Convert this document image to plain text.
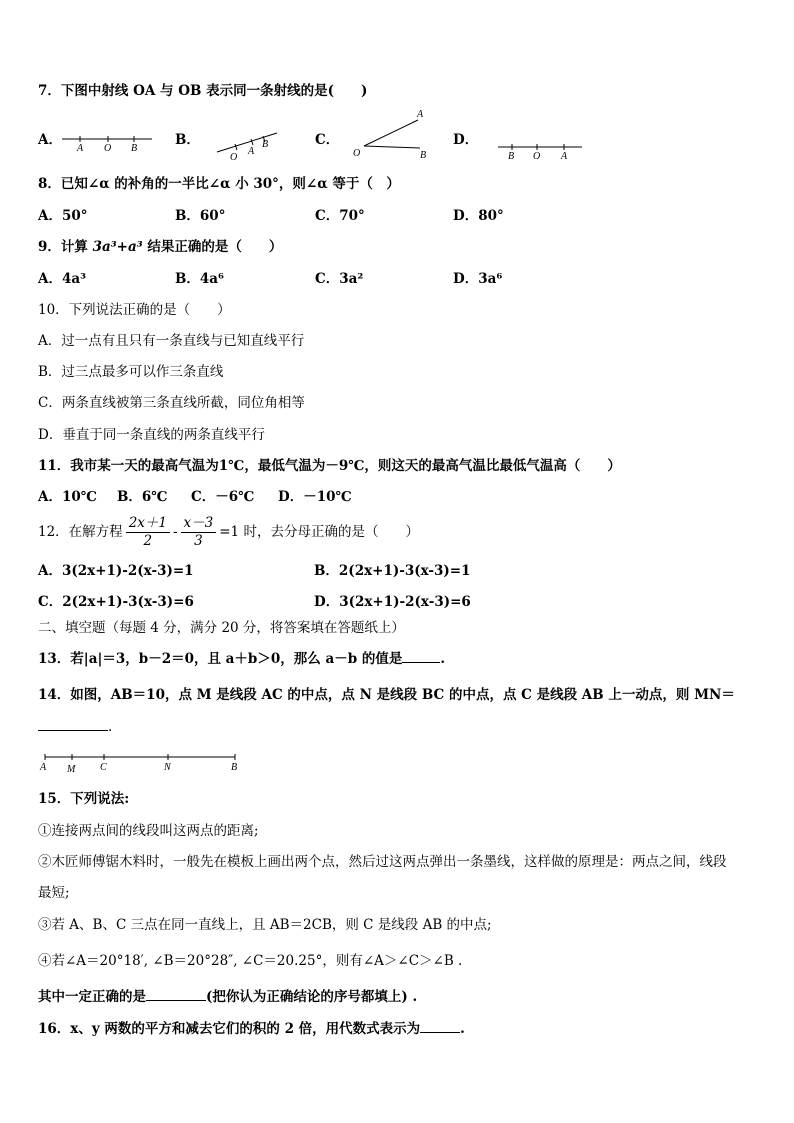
7．下图中射线 OA 与 OB 表示同一条射线的是(　　)
A．
A O B
B．
O
A
B	C．
A
O	B
D．
B O A
8．已知∠α 的补角的一半比∠α 小 30°，则∠α 等于（　）
A．50°	B．60°	C．70°	D．80°
9．计算 3a³+a³ 结果正确的是（　　）
A．4a³	B．4a⁶	C．3a²	D．3a⁶
10．下列说法正确的是（　　）
A．过一点有且只有一条直线与已知直线平行
B．过三点最多可以作三条直线
C．两条直线被第三条直线所截，同位角相等
D．垂直于同一条直线的两条直线平行
11．我市某一天的最高气温为1℃，最低气温为－9℃，则这天的最高气温比最低气温高（　　）
A．10℃ B．6℃ C．－6℃ D．－10℃
12．在解方程 $\frac{2x+1}{2} - \frac{x-3}{3} =1$ 时，去分母正确的是（　　）
A．3(2x+1)-2(x-3)=1	B．2(2x+1)-3(x-3)=1
C．2(2x+1)-3(x-3)=6	D．3(2x+1)-2(x-3)=6
二、填空题（每题 4 分，满分 20 分，将答案填在答题纸上）
13．若|a|＝3，b－2＝0，且 a＋b＞0，那么 a－b 的值是	.
14．如图，AB＝10，点 M 是线段 AC 的中点，点 N 是线段 BC 的中点，点 C 是线段 AB 上一动点，则 MN＝
.
A M C	N	B
15．下列说法:
①连接两点间的线段叫这两点的距离;
②木匠师傅锯木料时，一般先在模板上画出两个点，然后过这两点弹出一条墨线，这样做的原理是：两点之间，线段
最短;
③若 A、B、C 三点在同一直线上，且 AB＝2CB，则 C 是线段 AB 的中点;
④若∠A＝20°18′, ∠B＝20°28″, ∠C＝20.25°，则有∠A＞∠C＞∠B .
其中一定正确的是	(把你认为正确结论的序号都填上) .
16．x、y 两数的平方和减去它们的积的 2 倍，用代数式表示为	.
